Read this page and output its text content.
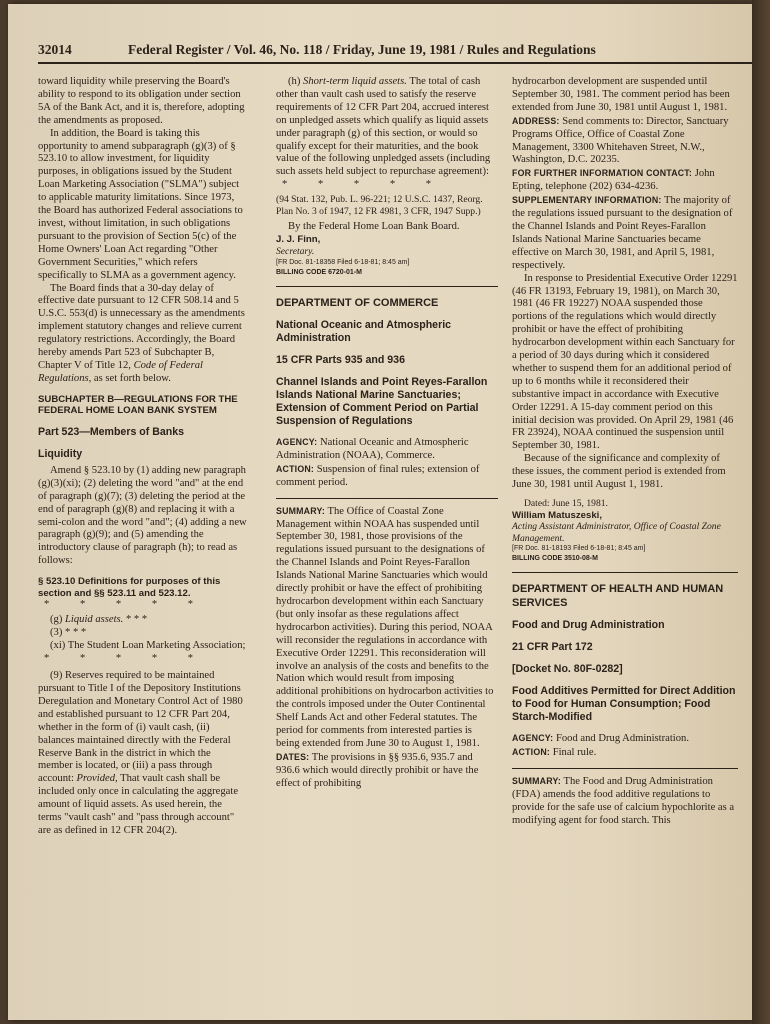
32014	Federal Register / Vol. 46, No. 118 / Friday, June 19, 1981 / Rules and Regulations

toward liquidity while preserving the Board's ability to respond to its obligation under section 5A of the Bank Act, and it is, therefore, adopting the amendments as proposed.

In addition, the Board is taking this opportunity to amend subparagraph (g)(3) of § 523.10 to allow investment, for liquidity purposes, in obligations issued by the Student Loan Marketing Association ("SLMA") subject to applicable maturity limitations. Since 1973, the Board has authorized Federal associations to invest, without limitation, in such obligations pursuant to the provision of Section 5(c) of the Home Owners' Loan Act regarding "Other Government Securities," which refers specifically to SLMA as a government agency.

The Board finds that a 30-day delay of effective date pursuant to 12 CFR 508.14 and 5 U.S.C. 553(d) is unnecessary as the amendments implement statutory changes and relieve current regulatory restrictions. Accordingly, the Board hereby amends Part 523 of Subchapter B, Chapter V of Title 12, Code of Federal Regulations, as set forth below.

SUBCHAPTER B—REGULATIONS FOR THE FEDERAL HOME LOAN BANK SYSTEM

Part 523—Members of Banks

Liquidity

Amend § 523.10 by (1) adding new paragraph (g)(3)(xi); (2) deleting the word "and" at the end of paragraph (g)(7); (3) deleting the period at the end of paragraph (g)(8) and replacing it with a semi-colon and the word "and"; (4) adding a new paragraph (g)(9); and (5) amending the introductory clause of paragraph (h); to read as follows:

§ 523.10 Definitions for purposes of this section and §§ 523.11 and 523.12.

* * * * *

(g) Liquid assets. * * *

(3) * * *

(xi) The Student Loan Marketing Association;

* * * * *

(9) Reserves required to be maintained pursuant to Title I of the Depository Institutions Deregulation and Monetary Control Act of 1980 and established pursuant to 12 CFR Part 204, whether in the form of (i) vault cash, (ii) balances maintained directly with the Federal Reserve Bank in the district in which the member is located, or (iii) a pass through account: Provided, That vault cash shall be included only once in calculating the aggregate amount of liquid assets. As used herein, the terms "vault cash" and "pass through account" are as defined in 12 CFR 204(2).

(h) Short-term liquid assets. The total of cash other than vault cash used to satisfy the reserve requirements of 12 CFR Part 204, accrued interest on unpledged assets which qualify as liquid assets under paragraph (g) of this section, or would so qualify except for their maturities, and the book value of the following unpledged assets (including such assets held subject to repurchase agreement):

* * * * *

(94 Stat. 132, Pub. L. 96-221; 12 U.S.C. 1437, Reorg. Plan No. 3 of 1947, 12 FR 4981, 3 CFR, 1947 Supp.)

By the Federal Home Loan Bank Board.

J. J. Finn,

Secretary.

[FR Doc. 81-18358 Filed 6-18-81; 8:45 am]

BILLING CODE 6720-01-M

DEPARTMENT OF COMMERCE

National Oceanic and Atmospheric Administration

15 CFR Parts 935 and 936

Channel Islands and Point Reyes-Farallon Islands National Marine Sanctuaries; Extension of Comment Period on Partial Suspension of Regulations

AGENCY: National Oceanic and Atmospheric Administration (NOAA), Commerce.

ACTION: Suspension of final rules; extension of comment period.

SUMMARY: The Office of Coastal Zone Management within NOAA has suspended until September 30, 1981, those provisions of the regulations issued pursuant to the designations of the Channel Islands and Point Reyes-Farallon Islands National Marine Sanctuaries which would directly prohibit or have the effect of prohibiting hydrocarbon development within each Sanctuary (but only insofar as these regulations affect hydrocarbon activities). During this period, NOAA will reconsider the regulations in accordance with Executive Order 12291. This reconsideration will involve an analysis of the costs and benefits to the Nation which would result from imposing additional prohibitions on hydrocarbon activities to the controls imposed under the Outer Continental Shelf Lands Act and other Federal statutes. The period for comments from interested parties is being extended from June 30 to August 1, 1981.

DATES: The provisions in §§ 935.6, 935.7 and 936.6 which would directly prohibit or have the effect of prohibiting

hydrocarbon development are suspended until September 30, 1981. The comment period has been extended from June 30, 1981 until August 1, 1981.

ADDRESS: Send comments to: Director, Sanctuary Programs Office, Office of Coastal Zone Management, 3300 Whitehaven Street, N.W., Washington, D.C. 20235.

FOR FURTHER INFORMATION CONTACT: John Epting, telephone (202) 634-4236.

SUPPLEMENTARY INFORMATION: The majority of the regulations issued pursuant to the designation of the Channel Islands and Point Reyes-Farallon Islands National Marine Sanctuaries became effective on March 30, 1981, and April 5, 1981, respectively.

In response to Presidential Executive Order 12291 (46 FR 13193, February 19, 1981), on March 30, 1981 (46 FR 19227) NOAA suspended those portions of the regulations which would directly prohibit or have the effect of prohibiting hydrocarbon development within each Sanctuary for a period of 30 days during which it considered whether to suspend them for an additional period of up to 6 months while it reconsidered their substantive impact in accordance with Executive Order 12291. A 15-day comment period on this initial decision was provided. On April 29, 1981 (46 FR 23924), NOAA continued the suspension until September 30, 1981.

Because of the significance and complexity of these issues, the comment period is extended from June 30, 1981 until August 1, 1981.

Dated: June 15, 1981.

William Matuszeski,

Acting Assistant Administrator, Office of Coastal Zone Management.

[FR Doc. 81-18193 Filed 6-18-81; 8:45 am]

BILLING CODE 3510-08-M

DEPARTMENT OF HEALTH AND HUMAN SERVICES

Food and Drug Administration

21 CFR Part 172

[Docket No. 80F-0282]

Food Additives Permitted for Direct Addition to Food for Human Consumption; Food Starch-Modified

AGENCY: Food and Drug Administration.

ACTION: Final rule.

SUMMARY: The Food and Drug Administration (FDA) amends the food additive regulations to provide for the safe use of calcium hypochlorite as a modifying agent for food starch. This
